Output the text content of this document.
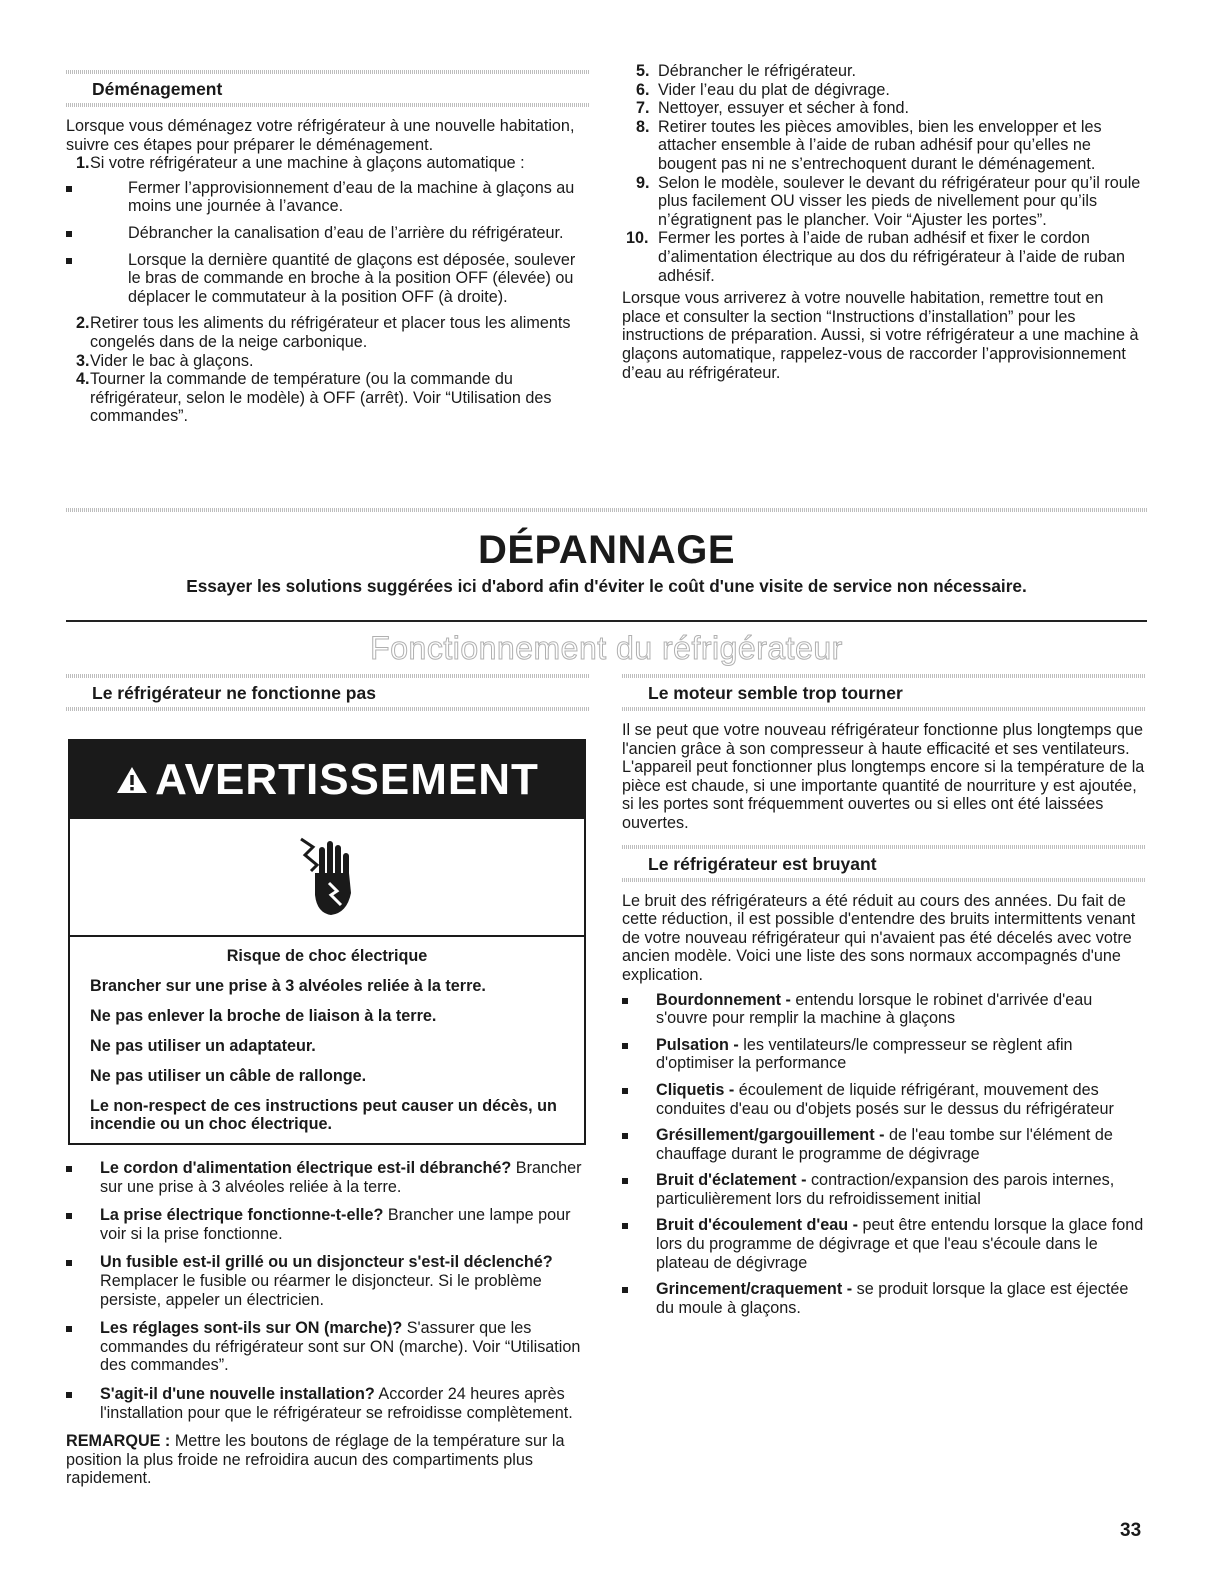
Déménagement

Lorsque vous déménagez votre réfrigérateur à une nouvelle habitation, suivre ces étapes pour préparer le déménagement.

1. Si votre réfrigérateur a une machine à glaçons automatique :
Fermer l’approvisionnement d’eau de la machine à glaçons au moins une journée à l’avance.
Débrancher la canalisation d’eau de l’arrière du réfrigérateur.
Lorsque la dernière quantité de glaçons est déposée, soulever le bras de commande en broche à la position OFF (élevée) ou déplacer le commutateur à la position OFF (à droite).
2. Retirer tous les aliments du réfrigérateur et placer tous les aliments congelés dans de la neige carbonique.
3. Vider le bac à glaçons.
4. Tourner la commande de température (ou la commande du réfrigérateur, selon le modèle) à OFF (arrêt). Voir “Utilisation des commandes”.
5. Débrancher le réfrigérateur.
6. Vider l’eau du plat de dégivrage.
7. Nettoyer, essuyer et sécher à fond.
8. Retirer toutes les pièces amovibles, bien les envelopper et les attacher ensemble à l’aide de ruban adhésif pour qu’elles ne bougent pas ni ne s’entrechoquent durant le déménagement.
9. Selon le modèle, soulever le devant du réfrigérateur pour qu’il roule plus facilement OU visser les pieds de nivellement pour qu’ils n’égratignent pas le plancher. Voir “Ajuster les portes”.
10. Fermer les portes à l’aide de ruban adhésif et fixer le cordon d’alimentation électrique au dos du réfrigérateur à l’aide de ruban adhésif.

Lorsque vous arriverez à votre nouvelle habitation, remettre tout en place et consulter la section “Instructions d’installation” pour les instructions de préparation. Aussi, si votre réfrigérateur a une machine à glaçons automatique, rappelez-vous de raccorder l’approvisionnement d’eau au réfrigérateur.

DÉPANNAGE
Essayer les solutions suggérées ici d'abord afin d'éviter le coût d'une visite de service non nécessaire.
Fonctionnement du réfrigérateur
Le réfrigérateur ne fonctionne pas
AVERTISSEMENT
Risque de choc électrique
Brancher sur une prise à 3 alvéoles reliée à la terre.
Ne pas enlever la broche de liaison à la terre.
Ne pas utiliser un adaptateur.
Ne pas utiliser un câble de rallonge.
Le non-respect de ces instructions peut causer un décès, un incendie ou un choc électrique.
Le cordon d'alimentation électrique est-il débranché? Brancher sur une prise à 3 alvéoles reliée à la terre.
La prise électrique fonctionne-t-elle? Brancher une lampe pour voir si la prise fonctionne.
Un fusible est-il grillé ou un disjoncteur s'est-il déclenché? Remplacer le fusible ou réarmer le disjoncteur. Si le problème persiste, appeler un électricien.
Les réglages sont-ils sur ON (marche)? S'assurer que les commandes du réfrigérateur sont sur ON (marche). Voir “Utilisation des commandes”.
S'agit-il d'une nouvelle installation? Accorder 24 heures après l'installation pour que le réfrigérateur se refroidisse complètement.

REMARQUE : Mettre les boutons de réglage de la température sur la position la plus froide ne refroidira aucun des compartiments plus rapidement.

Le moteur semble trop tourner

Il se peut que votre nouveau réfrigérateur fonctionne plus longtemps que l'ancien grâce à son compresseur à haute efficacité et ses ventilateurs. L'appareil peut fonctionner plus longtemps encore si la température de la pièce est chaude, si une importante quantité de nourriture y est ajoutée, si les portes sont fréquemment ouvertes ou si elles ont été laissées ouvertes.

Le réfrigérateur est bruyant

Le bruit des réfrigérateurs a été réduit au cours des années. Du fait de cette réduction, il est possible d'entendre des bruits intermittents venant de votre nouveau réfrigérateur qui n'avaient pas été décelés avec votre ancien modèle. Voici une liste des sons normaux accompagnés d'une explication.

Bourdonnement - entendu lorsque le robinet d'arrivée d'eau s'ouvre pour remplir la machine à glaçons
Pulsation - les ventilateurs/le compresseur se règlent afin d'optimiser la performance
Cliquetis - écoulement de liquide réfrigérant, mouvement des conduites d'eau ou d'objets posés sur le dessus du réfrigérateur
Grésillement/gargouillement - de l'eau tombe sur l'élément de chauffage durant le programme de dégivrage
Bruit d'éclatement - contraction/expansion des parois internes, particulièrement lors du refroidissement initial
Bruit d'écoulement d'eau - peut être entendu lorsque la glace fond lors du programme de dégivrage et que l'eau s'écoule dans le plateau de dégivrage
Grincement/craquement - se produit lorsque la glace est éjectée du moule à glaçons.
33
